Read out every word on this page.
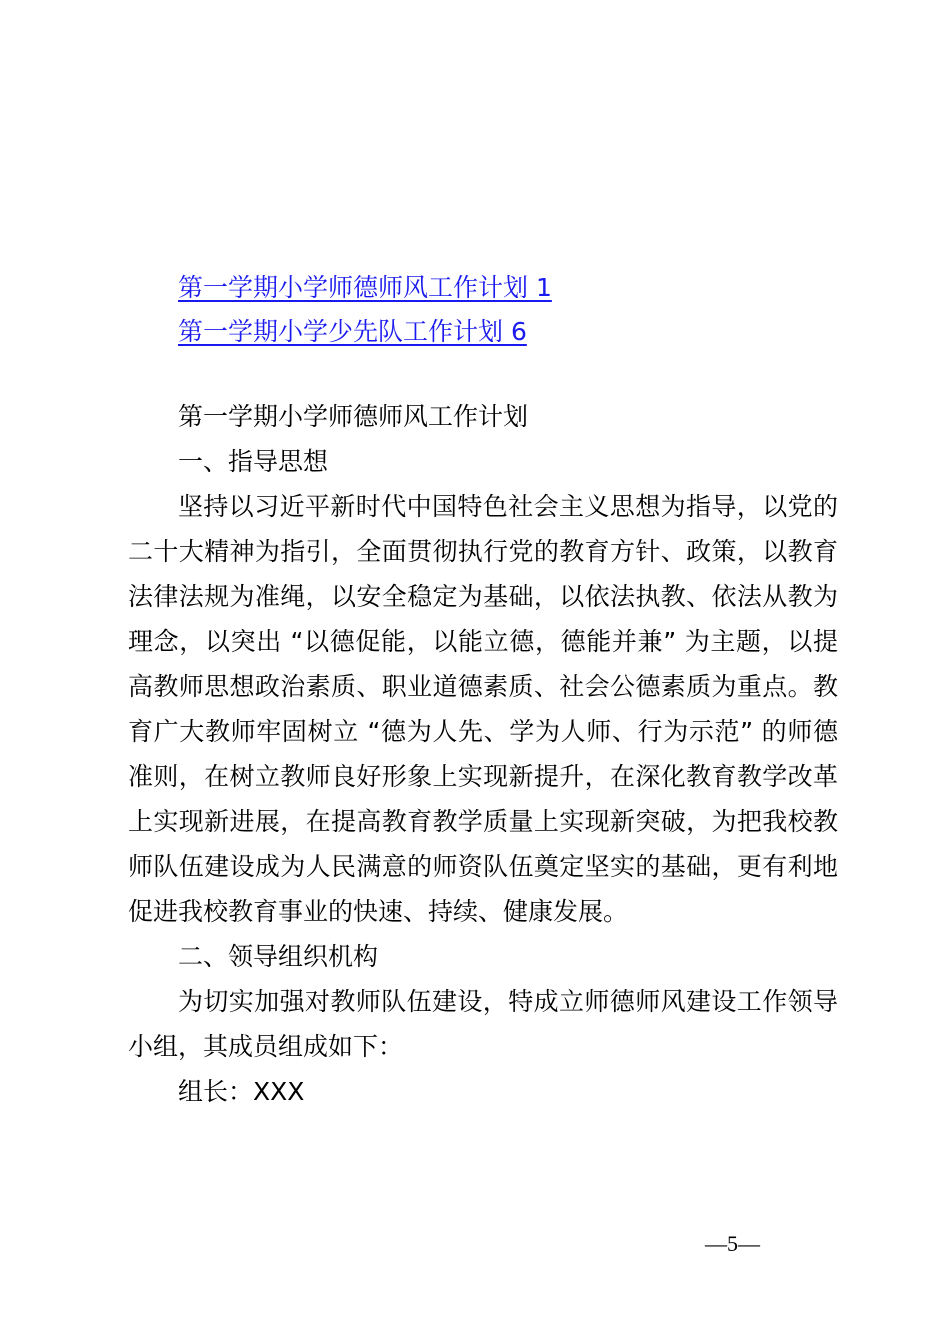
第一学期小学师德师风工作计划 1
第一学期小学少先队工作计划 6

第一学期小学师德师风工作计划

一、指导思想

坚持以习近平新时代中国特色社会主义思想为指导，以党的二十大精神为指引，全面贯彻执行党的教育方针、政策，以教育法律法规为准绳，以安全稳定为基础，以依法执教、依法从教为理念，以突出 “以德促能，以能立德，德能并兼” 为主题，以提高教师思想政治素质、职业道德素质、社会公德素质为重点。教育广大教师牢固树立 “德为人先、学为人师、行为示范” 的师德准则，在树立教师良好形象上实现新提升，在深化教育教学改革上实现新进展，在提高教育教学质量上实现新突破，为把我校教师队伍建设成为人民满意的师资队伍奠定坚实的基础，更有利地促进我校教育事业的快速、持续、健康发展。

二、领导组织机构

为切实加强对教师队伍建设，特成立师德师风建设工作领导小组，其成员组成如下：

组长：XXX

—5—
